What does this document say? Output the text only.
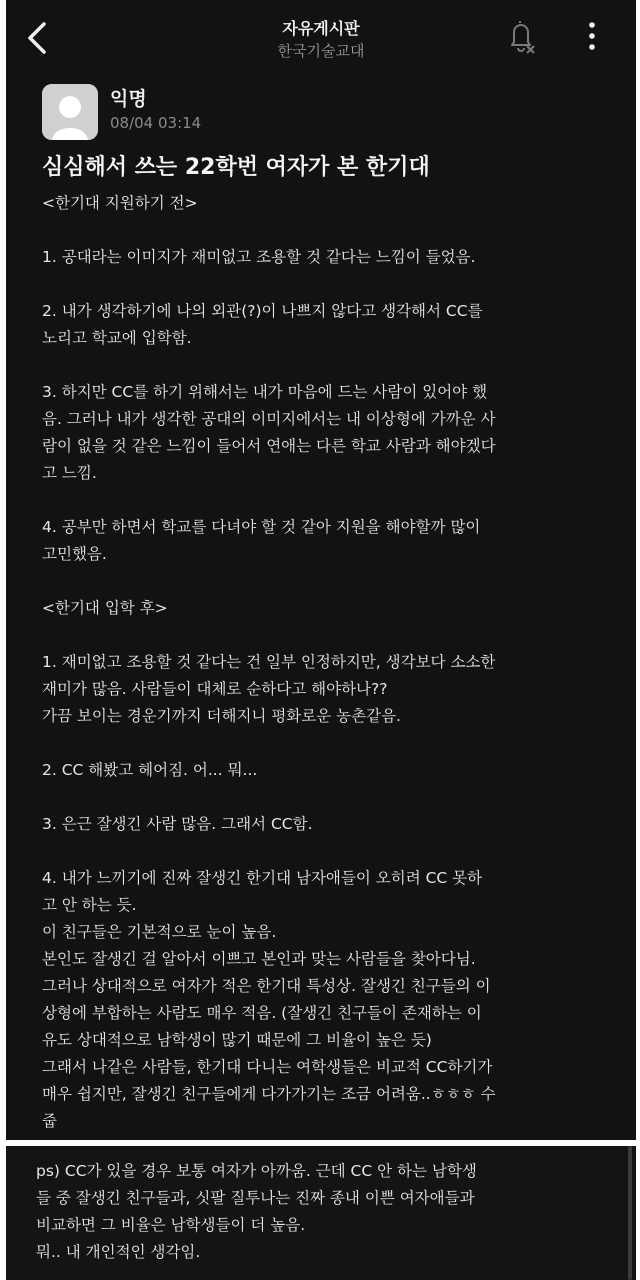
자유게시판
한국기술교대
익명
08/04 03:14
심심해서 쓰는 22학번 여자가 본 한기대

<한기대 지원하기 전>

1. 공대라는 이미지가 재미없고 조용할 것 같다는 느낌이 들었음.

2. 내가 생각하기에 나의 외관(?)이 나쁘지 않다고 생각해서 CC를
노리고 학교에 입학함.

3. 하지만 CC를 하기 위해서는 내가 마음에 드는 사람이 있어야 했
음. 그러나 내가 생각한 공대의 이미지에서는 내 이상형에 가까운 사
람이 없을 것 같은 느낌이 들어서 연애는 다른 학교 사람과 해야겠다
고 느낌.

4. 공부만 하면서 학교를 다녀야 할 것 같아 지원을 해야할까 많이
고민했음.

<한기대 입학 후>

1. 재미없고 조용할 것 같다는 건 일부 인정하지만, 생각보다 소소한
재미가 많음. 사람들이 대체로 순하다고 해야하나??
가끔 보이는 경운기까지 더해지니 평화로운 농촌같음.

2. CC 해봤고 헤어짐. 어... 뭐...

3. 은근 잘생긴 사람 많음. 그래서 CC함.

4. 내가 느끼기에 진짜 잘생긴 한기대 남자애들이 오히려 CC 못하
고 안 하는 듯.
이 친구들은 기본적으로 눈이 높음.
본인도 잘생긴 걸 알아서 이쁘고 본인과 맞는 사람들을 찾아다님.
그러나 상대적으로 여자가 적은 한기대 특성상. 잘생긴 친구들의 이
상형에 부합하는 사람도 매우 적음. (잘생긴 친구들이 존재하는 이
유도 상대적으로 남학생이 많기 때문에 그 비율이 높은 듯)
그래서 나같은 사람들, 한기대 다니는 여학생들은 비교적 CC하기가
매우 쉽지만, 잘생긴 친구들에게 다가가기는 조금 어려움..ㅎㅎㅎ 수
줍

ps) CC가 있을 경우 보통 여자가 아까움. 근데 CC 안 하는 남학생
들 중 잘생긴 친구들과, 싯팔 질투나는 진짜 종내 이쁜 여자애들과
비교하면 그 비율은 남학생들이 더 높음.
뭐.. 내 개인적인 생각임.
